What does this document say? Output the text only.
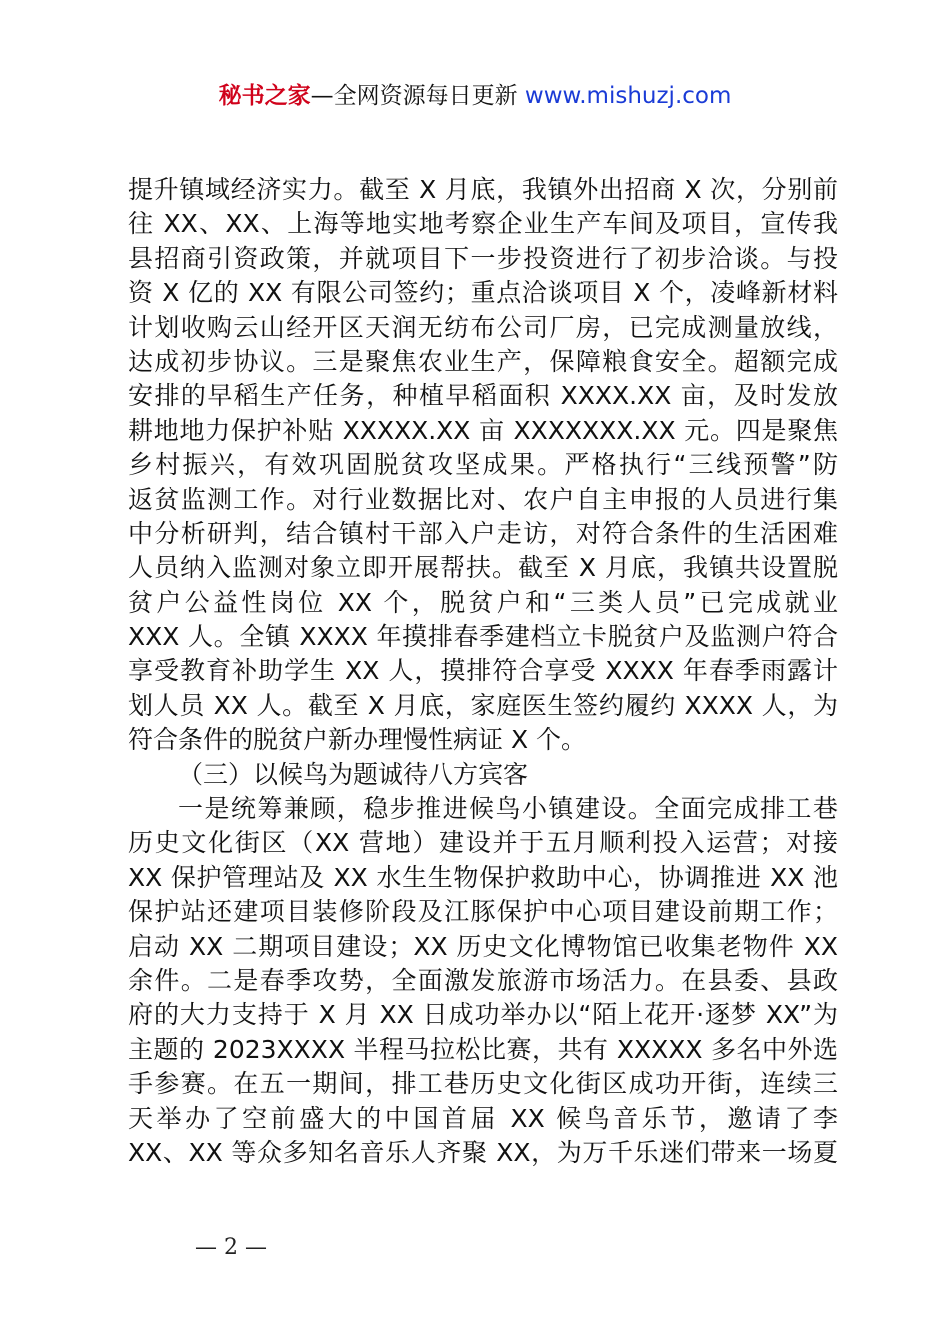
秘书之家—全网资源每日更新 www.mishuzj.com
提升镇域经济实力。截至 X 月底，我镇外出招商 X 次，分别前
往 XX、XX、上海等地实地考察企业生产车间及项目，宣传我
县招商引资政策，并就项目下一步投资进行了初步洽谈。与投
资 X 亿的 XX 有限公司签约；重点洽谈项目 X 个，凌峰新材料
计划收购云山经开区天润无纺布公司厂房，已完成测量放线，
达成初步协议。三是聚焦农业生产，保障粮食安全。超额完成
安排的早稻生产任务，种植早稻面积 XXXX.XX 亩，及时发放
耕地地力保护补贴 XXXXX.XX 亩 XXXXXXX.XX 元。四是聚焦
乡村振兴，有效巩固脱贫攻坚成果。严格执行“三线预警”防
返贫监测工作。对行业数据比对、农户自主申报的人员进行集
中分析研判，结合镇村干部入户走访，对符合条件的生活困难
人员纳入监测对象立即开展帮扶。截至 X 月底，我镇共设置脱
贫户公益性岗位 XX 个，脱贫户和“三类人员”已完成就业
XXX 人。全镇 XXXX 年摸排春季建档立卡脱贫户及监测户符合
享受教育补助学生 XX 人，摸排符合享受 XXXX 年春季雨露计
划人员 XX 人。截至 X 月底，家庭医生签约履约 XXXX 人，为
符合条件的脱贫户新办理慢性病证 X 个。
（三）以候鸟为题诚待八方宾客
一是统筹兼顾，稳步推进候鸟小镇建设。全面完成排工巷
历史文化街区（XX 营地）建设并于五月顺利投入运营；对接
XX 保护管理站及 XX 水生生物保护救助中心，协调推进 XX 池
保护站还建项目装修阶段及江豚保护中心项目建设前期工作；
启动 XX 二期项目建设；XX 历史文化博物馆已收集老物件 XX
余件。二是春季攻势，全面激发旅游市场活力。在县委、县政
府的大力支持于 X 月 XX 日成功举办以“陌上花开·逐梦 XX”为
主题的 2023XXXX 半程马拉松比赛，共有 XXXXX 多名中外选
手参赛。在五一期间，排工巷历史文化街区成功开街，连续三
天举办了空前盛大的中国首届 XX 候鸟音乐节，邀请了李
XX、XX 等众多知名音乐人齐聚 XX，为万千乐迷们带来一场夏
— 2 —
